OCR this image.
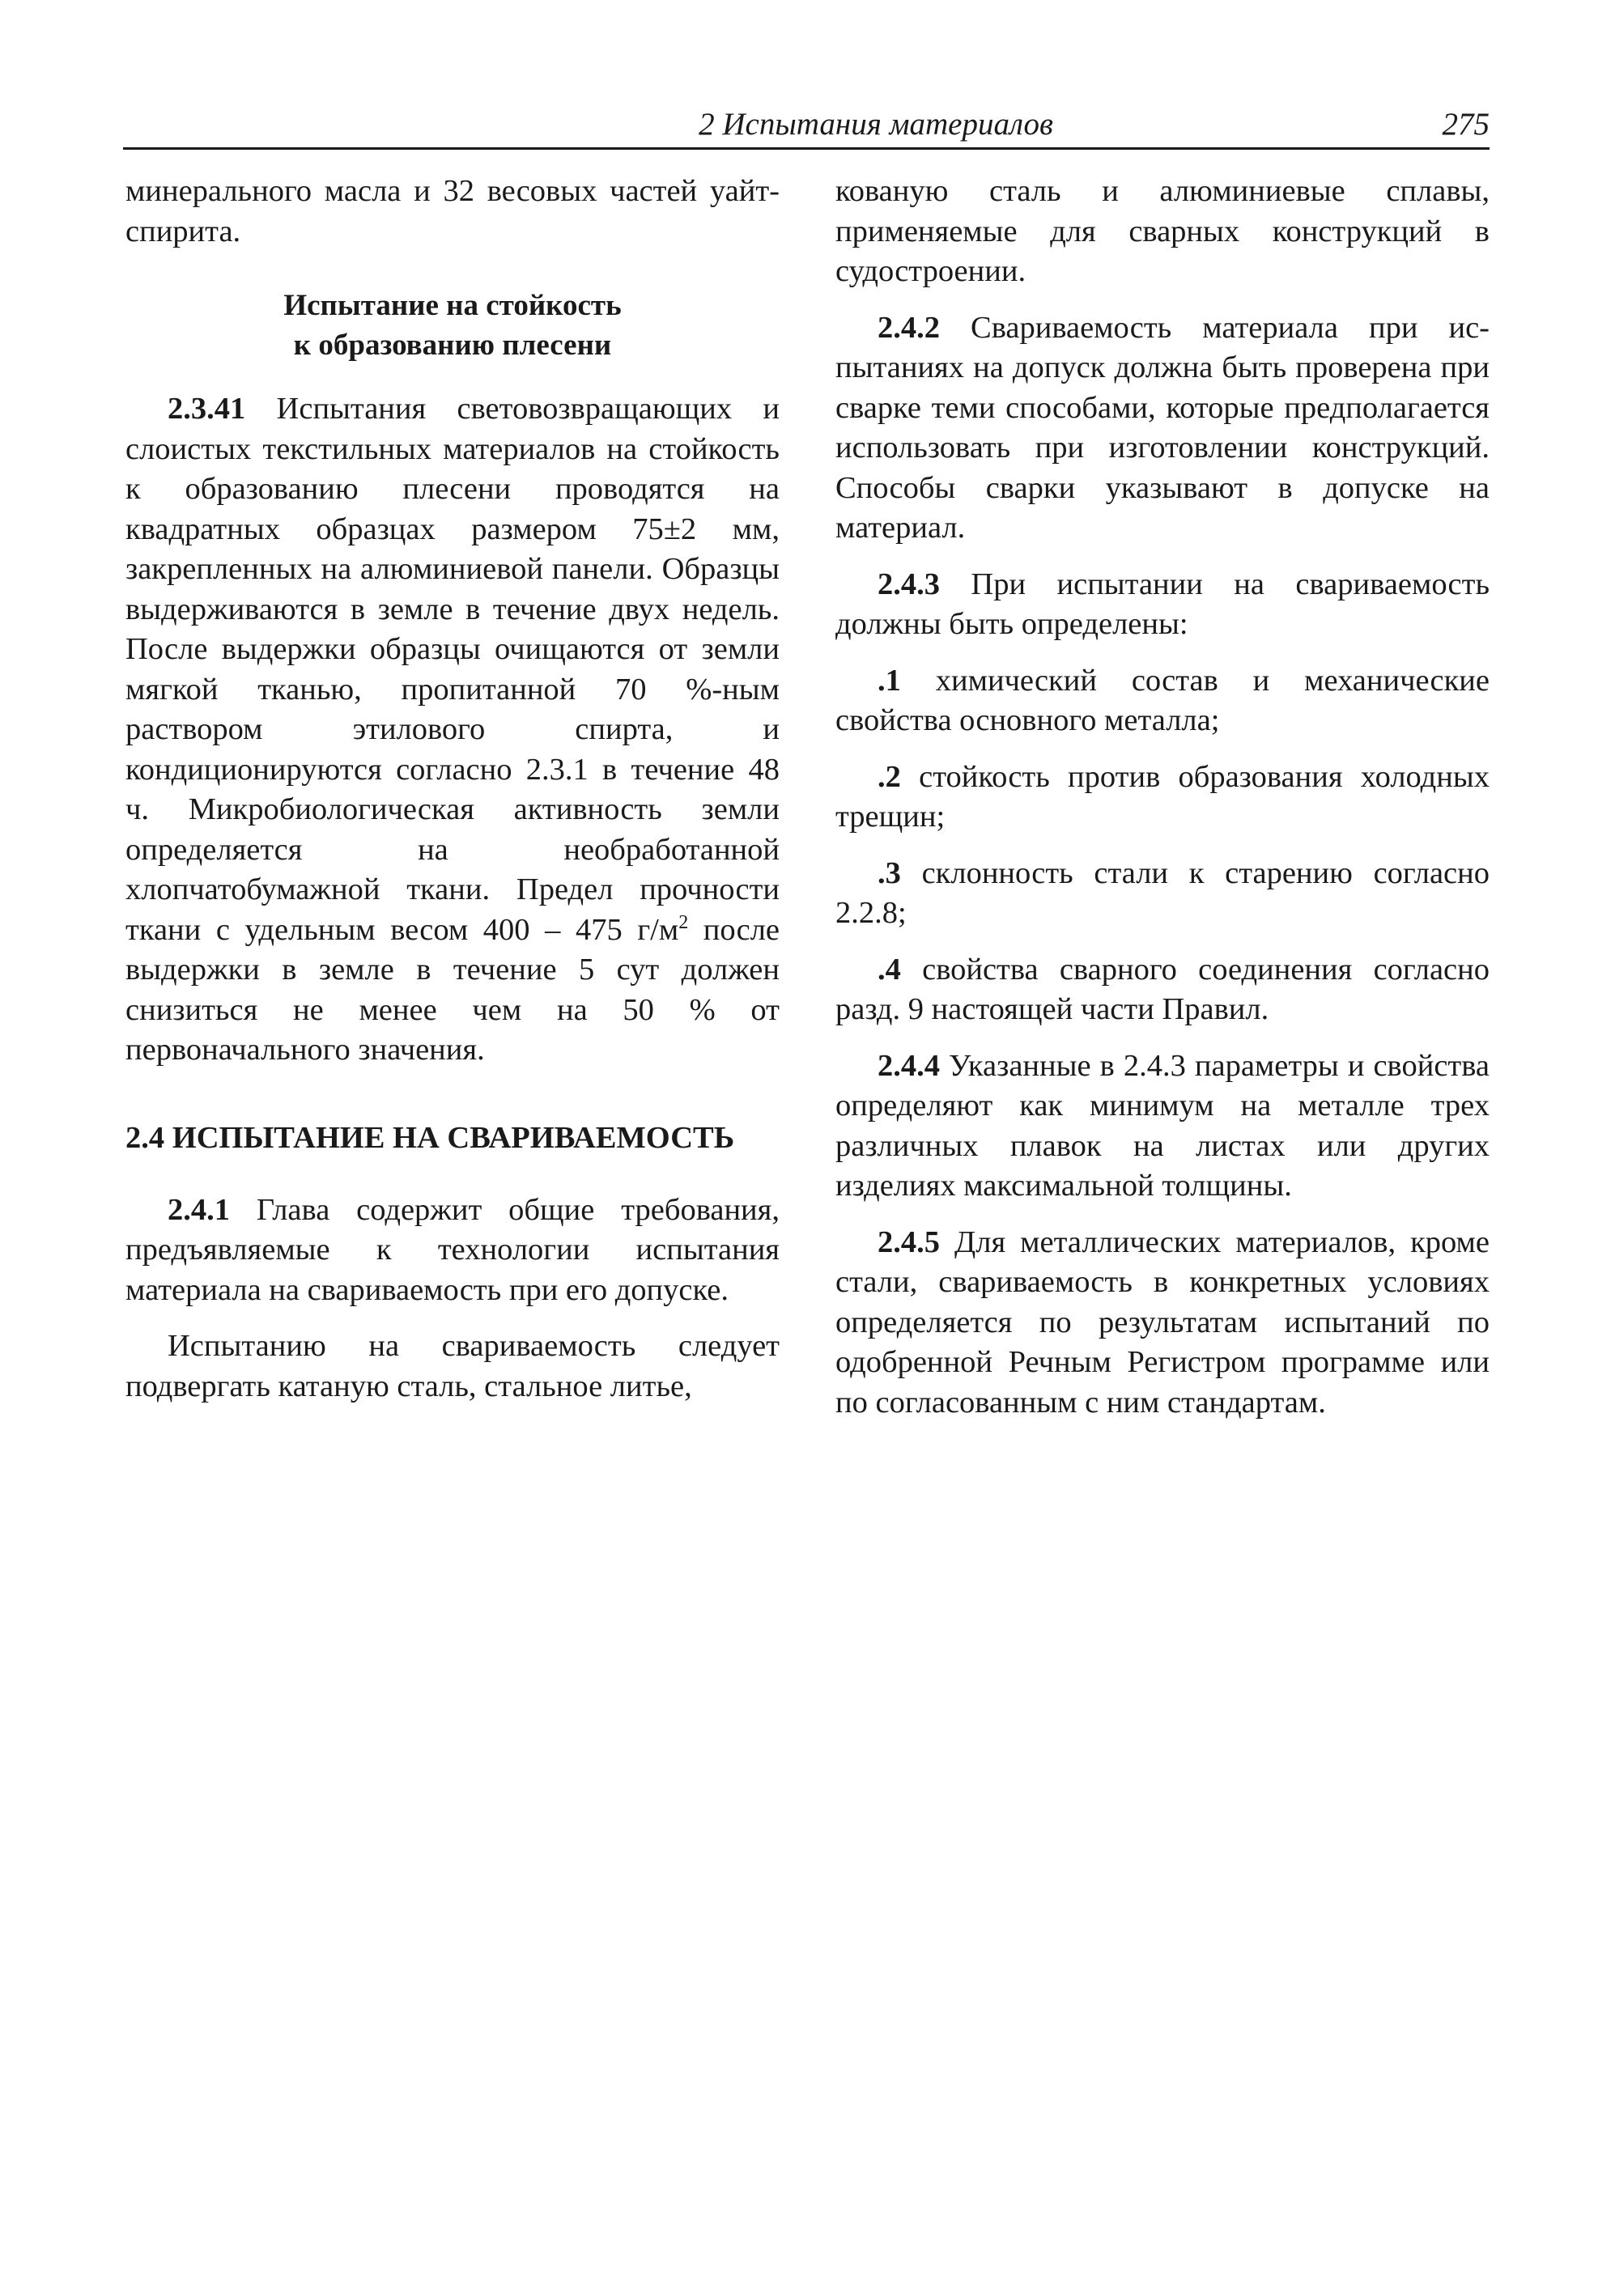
2 Испытания материалов	275

минерального масла и 32 весовых частей уайт-спирита.

Испытание на стойкость
к образованию плесени

2.3.41 Испытания световозвращающих и слоистых текстильных материалов на стойкость к образованию плесени проводятся на квадратных образцах размером 75±2 мм, закрепленных на алюминиевой панели. Образцы выдерживаются в земле в течение двух недель. После выдержки образцы очищаются от земли мягкой тканью, пропитанной 70 %-ным раствором этилового спирта, и кондиционируются согласно 2.3.1 в течение 48 ч. Микробиологическая активность земли определяется на необработанной хлопчатобумажной ткани. Предел прочности ткани с удельным весом 400 – 475 $г/м^2$ после выдержки в земле в течение 5 сут должен снизиться не менее чем на 50 % от первоначального значения.

2.4 ИСПЫТАНИЕ НА СВАРИВАЕМОСТЬ

2.4.1 Глава содержит общие требования, предъявляемые к технологии испытания материала на свариваемость при его допуске.

Испытанию на свариваемость следует подвергать катаную сталь, стальное литье,

кованую сталь и алюминиевые сплавы, применяемые для сварных конструкций в судостроении.

2.4.2 Свариваемость материала при испытаниях на допуск должна быть проверена при сварке теми способами, которые предполагается использовать при изготовлении конструкций. Способы сварки указывают в допуске на материал.

2.4.3 При испытании на свариваемость должны быть определены:

.1 химический состав и механические свойства основного металла;

.2 стойкость против образования холодных трещин;

.3 склонность стали к старению согласно 2.2.8;

.4 свойства сварного соединения согласно разд. 9 настоящей части Правил.

2.4.4 Указанные в 2.4.3 параметры и свойства определяют как минимум на металле трех различных плавок на листах или других изделиях максимальной толщины.

2.4.5 Для металлических материалов, кроме стали, свариваемость в конкретных условиях определяется по результатам испытаний по одобренной Речным Регистром программе или по согласованным с ним стандартам.
